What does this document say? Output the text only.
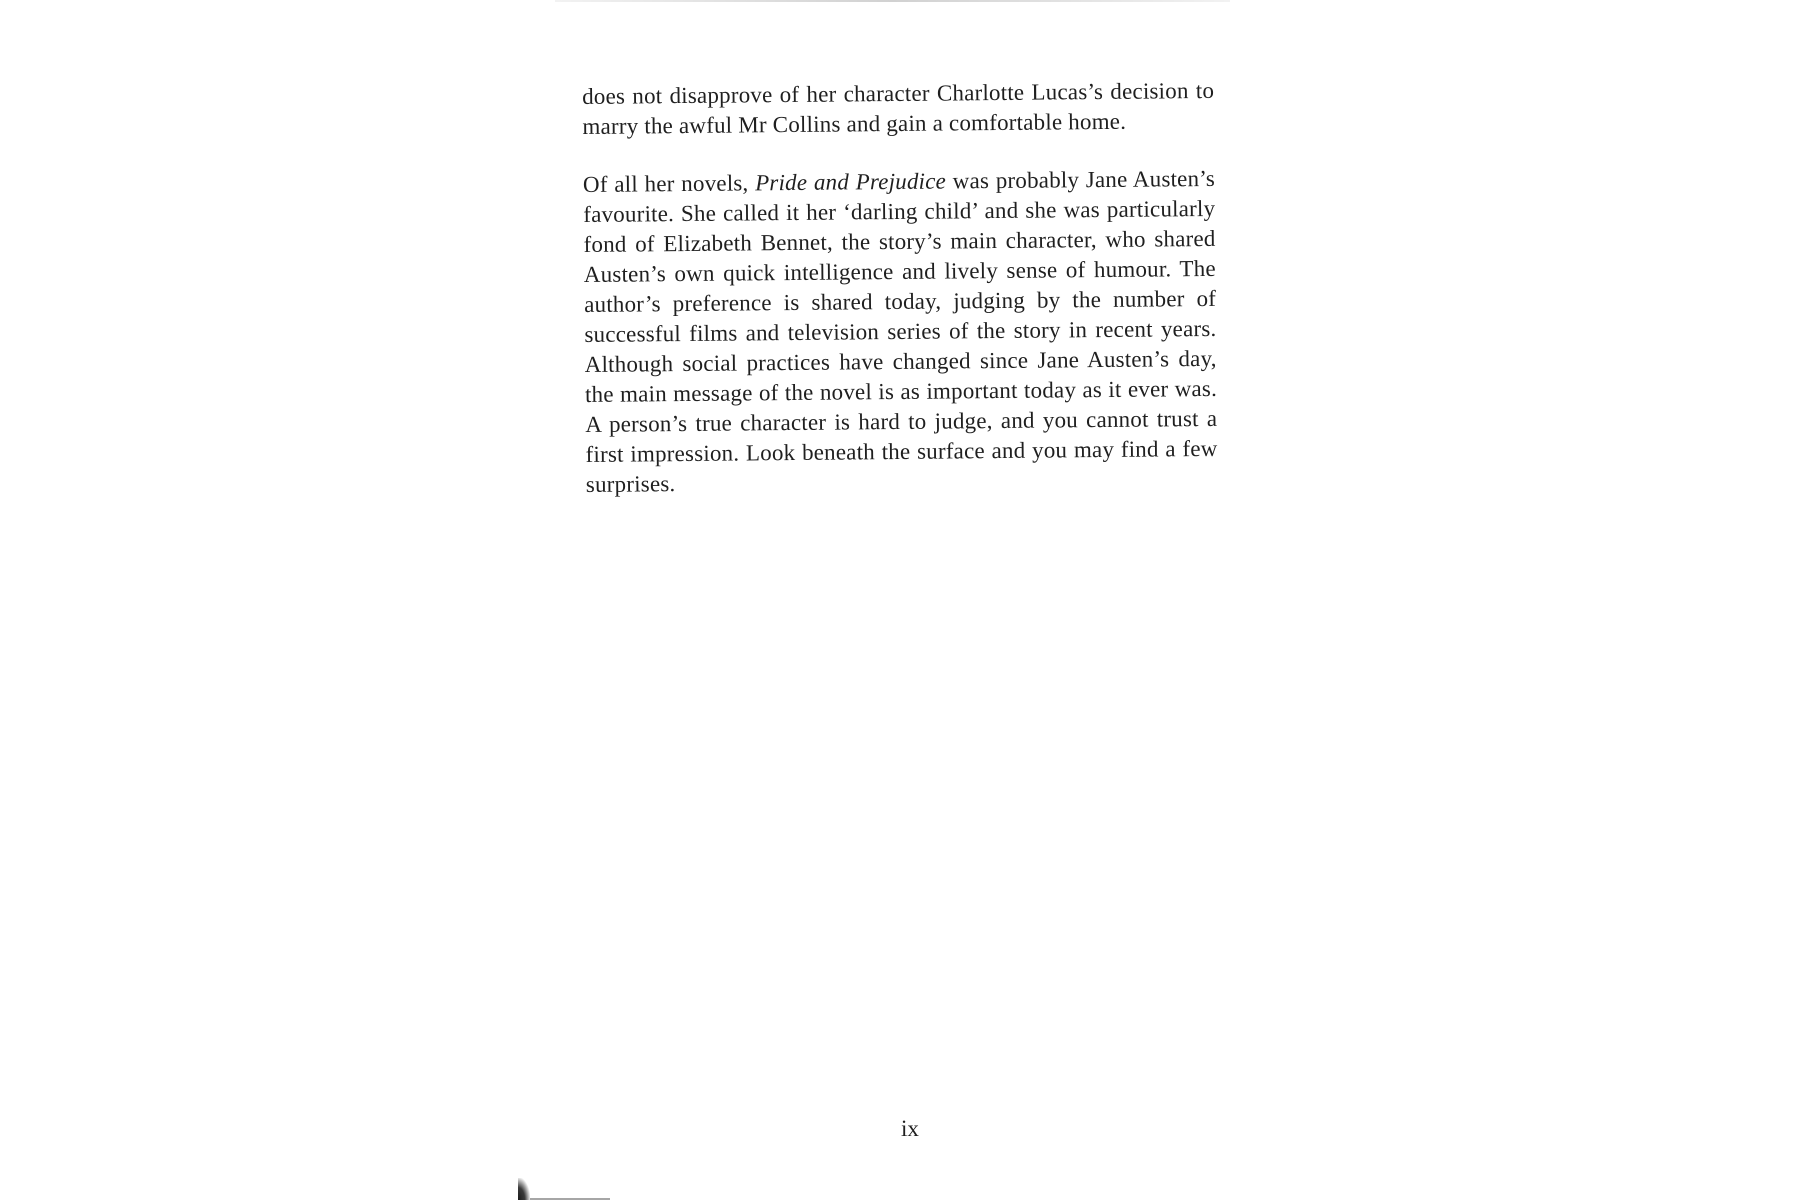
does not disapprove of her character Charlotte Lucas’s decision to marry the awful Mr Collins and gain a comfortable home.

Of all her novels, Pride and Prejudice was probably Jane Austen’s favourite. She called it her ‘darling child’ and she was particularly fond of Elizabeth Bennet, the story’s main character, who shared Austen’s own quick intelligence and lively sense of humour. The author’s preference is shared today, judging by the number of successful films and television series of the story in recent years. Although social practices have changed since Jane Austen’s day, the main message of the novel is as important today as it ever was. A person’s true character is hard to judge, and you cannot trust a first impression. Look beneath the surface and you may find a few surprises.

ix
